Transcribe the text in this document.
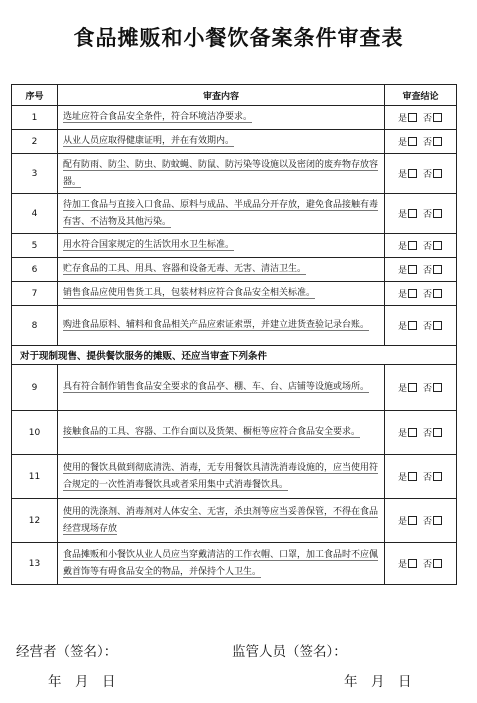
食品摊贩和小餐饮备案条件审查表
序号	审查内容	审查结论
1	选址应符合食品安全条件，符合环境洁净要求。	是 否
2	从业人员应取得健康证明，并在有效期内。	是 否
3	配有防雨、防尘、防虫、防蚊蝇、防鼠、防污染等设施以及密闭的废弃物存放容器。	是 否
4	待加工食品与直接入口食品、原料与成品、半成品分开存放，避免食品接触有毒有害、不洁物及其他污染。	是 否
5	用水符合国家规定的生活饮用水卫生标准。	是 否
6	贮存食品的工具、用具、容器和设备无毒、无害、清洁卫生。	是 否
7	销售食品应使用售货工具，包装材料应符合食品安全相关标准。	是 否
8	购进食品原料、辅料和食品相关产品应索证索票，并建立进货查验记录台账。	是 否
对于现制现售、提供餐饮服务的摊贩、还应当审查下列条件		
9	具有符合制作销售食品安全要求的食品亭、棚、车、台、店铺等设施或场所。	是 否
10	接触食品的工具、容器、工作台面以及货架、橱柜等应符合食品安全要求。	是 否
11	使用的餐饮具做到彻底清洗、消毒，无专用餐饮具清洗消毒设施的，应当使用符合规定的一次性消毒餐饮具或者采用集中式消毒餐饮具。	是 否
12	使用的洗涤剂、消毒剂对人体安全、无害，杀虫剂等应当妥善保管，不得在食品经营现场存放	是 否
13	食品摊贩和小餐饮从业人员应当穿戴清洁的工作衣帽、口罩，加工食品时不应佩戴首饰等有碍食品安全的物品，并保持个人卫生。	是 否
经营者（签名）：	监管人员（签名）：
年　月　日	年　月　日
